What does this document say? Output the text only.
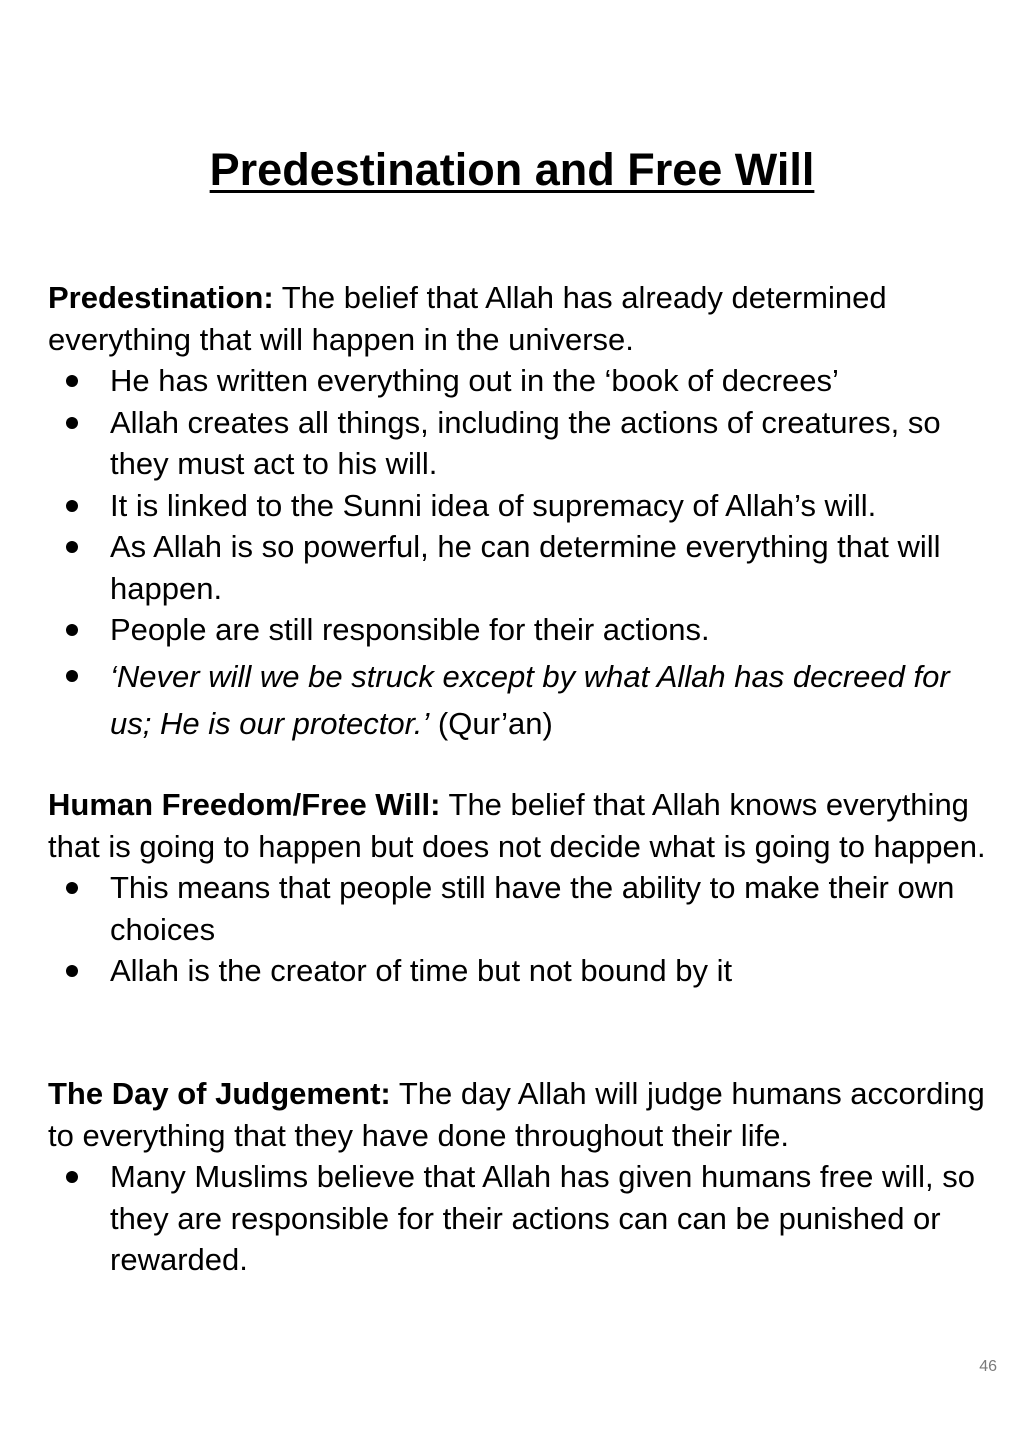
Predestination and Free Will

Predestination: The belief that Allah has already determined everything that will happen in the universe.

He has written everything out in the ‘book of decrees’
Allah creates all things, including the actions of creatures, so they must act to his will.
It is linked to the Sunni idea of supremacy of Allah’s will.
As Allah is so powerful, he can determine everything that will happen.
People are still responsible for their actions.
‘Never will we be struck except by what Allah has decreed for us; He is our protector.’ (Qur’an)

Human Freedom/Free Will: The belief that Allah knows everything that is going to happen but does not decide what is going to happen.

This means that people still have the ability to make their own choices
Allah is the creator of time but not bound by it

The Day of Judgement: The day Allah will judge humans according to everything that they have done throughout their life.

Many Muslims believe that Allah has given humans free will, so they are responsible for their actions can can be punished or rewarded.

46
